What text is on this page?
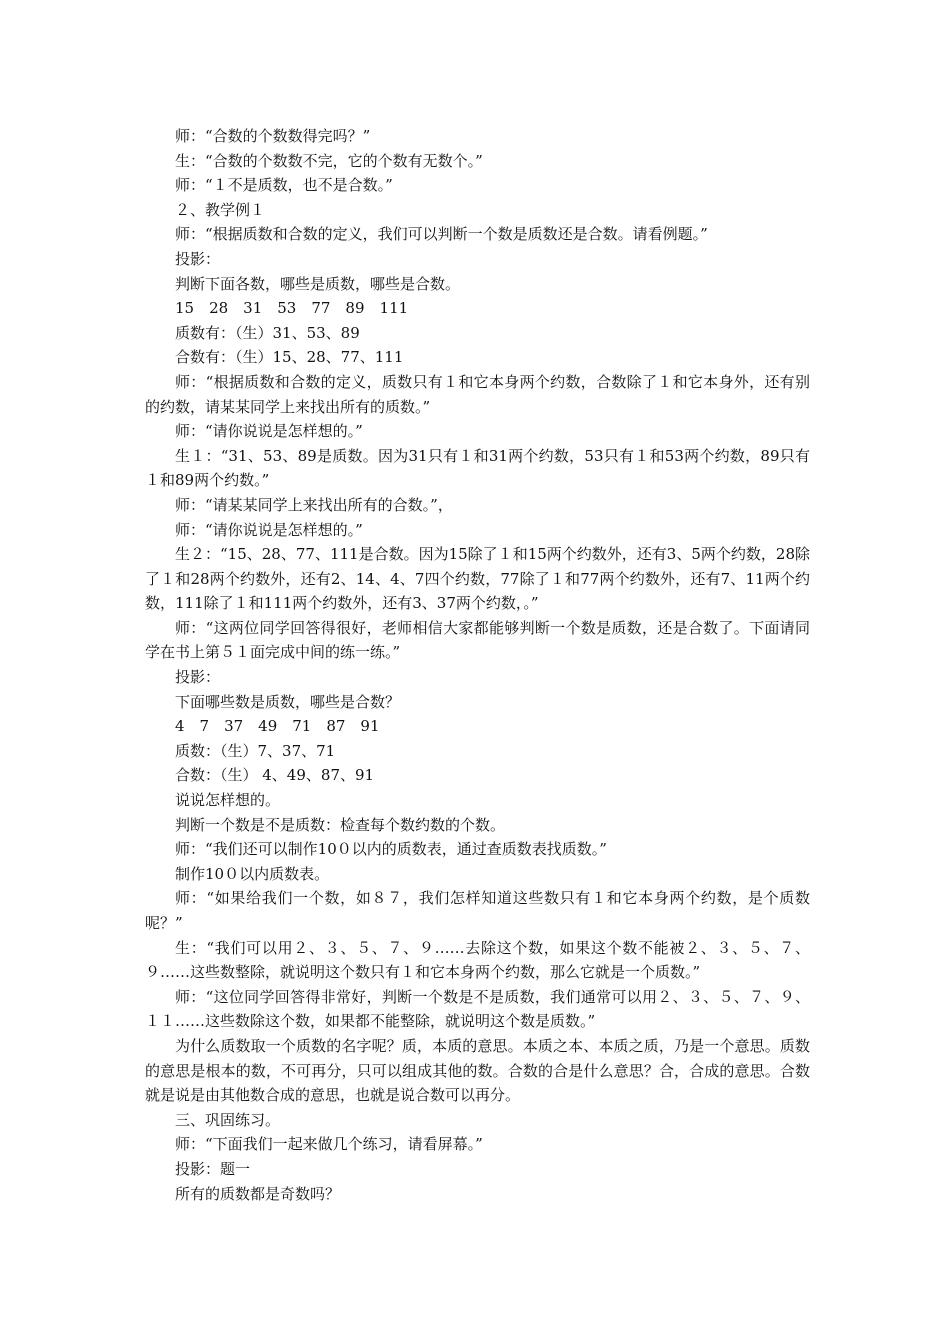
师：“合数的个数数得完吗？”

生：“合数的个数数不完，它的个数有无数个。”

师：“１不是质数，也不是合数。”

２、教学例１

师：“根据质数和合数的定义，我们可以判断一个数是质数还是合数。请看例题。”

投影：

判断下面各数，哪些是质数，哪些是合数。

15　28　31　53　77　89　111

质数有：（生）31、53、89

合数有：（生）15、28、77、111

师：“根据质数和合数的定义，质数只有１和它本身两个约数，合数除了１和它本身外，还有别的约数，请某某同学上来找出所有的质数。”

师：“请你说说是怎样想的。”

生１：“31、53、89是质数。因为31只有１和31两个约数，53只有１和53两个约数，89只有１和89两个约数。”

师：“请某某同学上来找出所有的合数。”，

师：“请你说说是怎样想的。”

生２：“15、28、77、111是合数。因为15除了１和15两个约数外，还有3、5两个约数，28除了１和28两个约数外，还有2、14、4、7四个约数，77除了１和77两个约数外，还有7、11两个约数，111除了１和111两个约数外，还有3、37两个约数，。”

师：“这两位同学回答得很好，老师相信大家都能够判断一个数是质数，还是合数了。下面请同学在书上第５１面完成中间的练一练。”

投影：

下面哪些数是质数，哪些是合数？

4　7　37　49　71　87　91

质数：（生）7、37、71

合数：（生） 4、49、87、91

说说怎样想的。

判断一个数是不是质数：检查每个数约数的个数。

师：“我们还可以制作10０以内的质数表，通过查质数表找质数。”

制作10０以内质数表。

师：“如果给我们一个数，如８７，我们怎样知道这些数只有１和它本身两个约数，是个质数呢？”

生：“我们可以用２、３、５、７、９……去除这个数，如果这个数不能被２、３、５、７、９……这些数整除，就说明这个数只有１和它本身两个约数，那么它就是一个质数。”

师：“这位同学回答得非常好，判断一个数是不是质数，我们通常可以用２、３、５、７、９、１１……这些数除这个数，如果都不能整除，就说明这个数是质数。”

为什么质数取一个质数的名字呢？质，本质的意思。本质之本、本质之质，乃是一个意思。质数的意思是根本的数，不可再分，只可以组成其他的数。合数的合是什么意思？合，合成的意思。合数就是说是由其他数合成的意思，也就是说合数可以再分。

三、巩固练习。

师：“下面我们一起来做几个练习，请看屏幕。”

投影：题一

所有的质数都是奇数吗？
